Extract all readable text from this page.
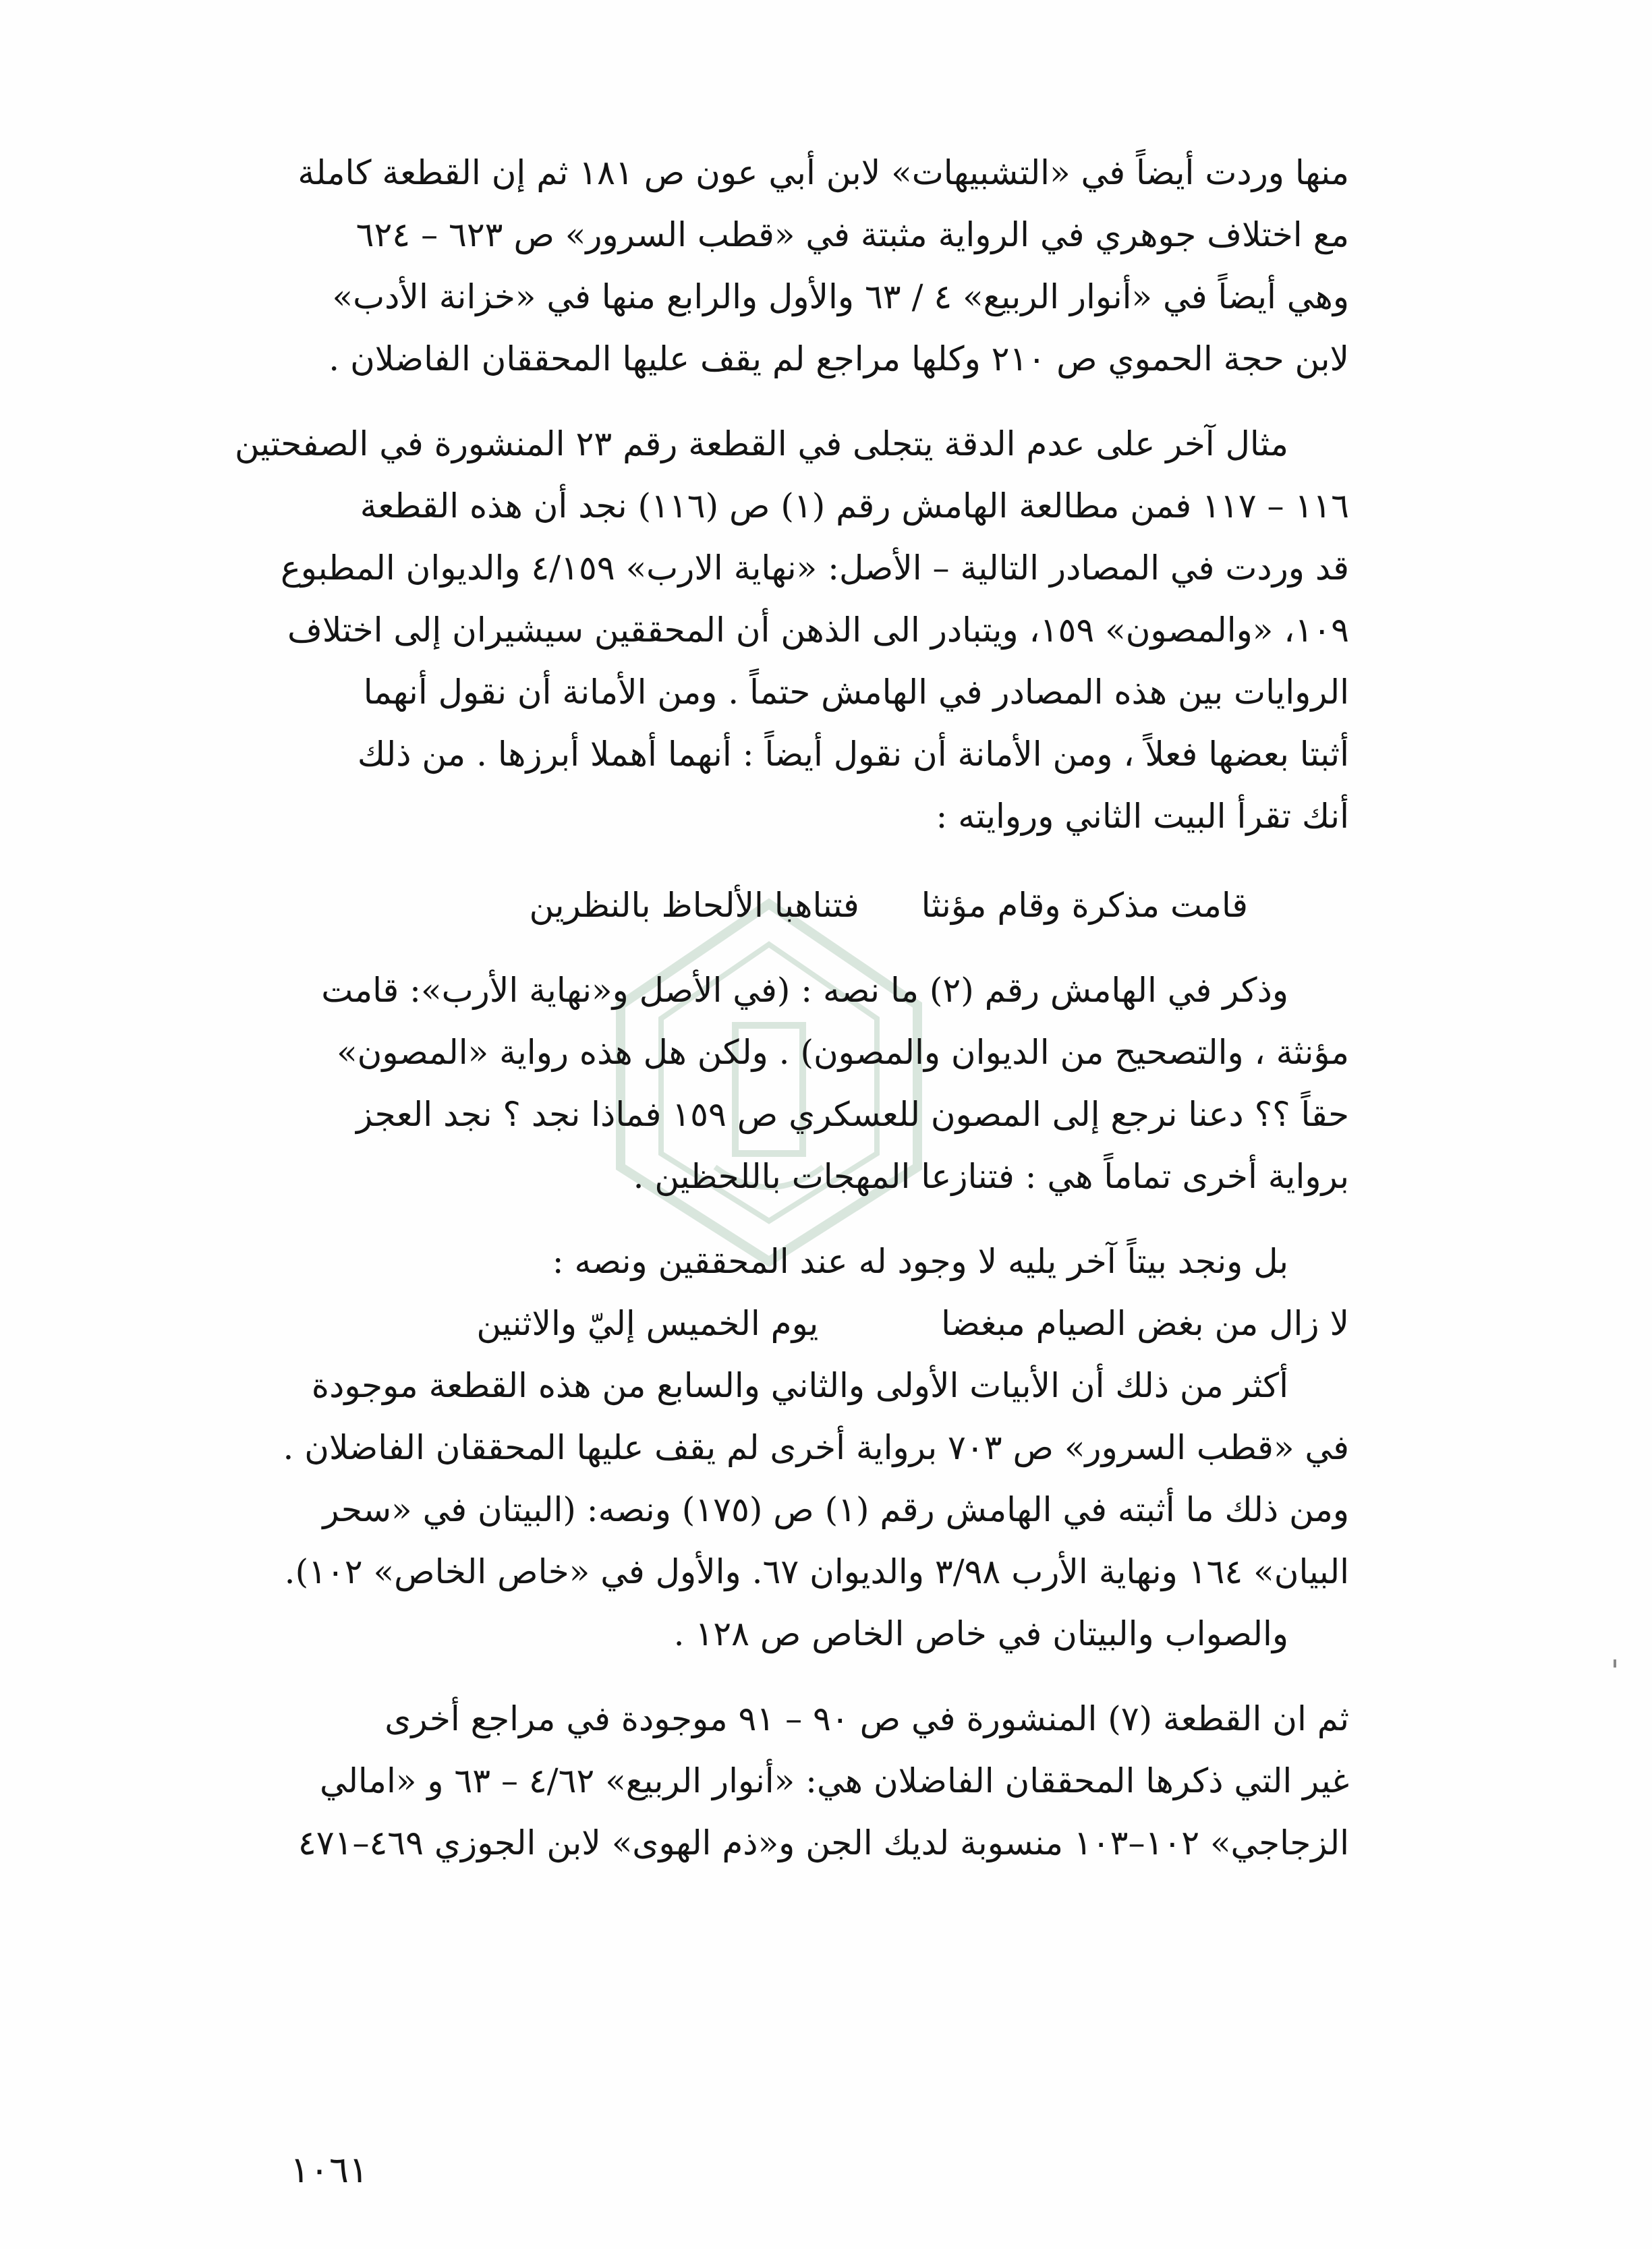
منها وردت أيضاً في «التشبيهات» لابن أبي عون ص ١٨١ ثم إن القطعة كاملة
مع اختلاف جوهري في الرواية مثبتة في «قطب السرور» ص ٦٢٣ – ٦٢٤
وهي أيضاً في «أنوار الربيع» ٤ / ٦٣ والأول والرابع منها في «خزانة الأدب»
لابن حجة الحموي ص ٢١٠ وكلها مراجع لم يقف عليها المحققان الفاضلان .
مثال آخر على عدم الدقة يتجلى في القطعة رقم ٢٣ المنشورة في الصفحتين
١١٦ – ١١٧ فمن مطالعة الهامش رقم (١) ص (١١٦) نجد أن هذه القطعة
قد وردت في المصادر التالية – الأصل: «نهاية الارب» ٤/١٥٩ والديوان المطبوع
١٠٩، «والمصون» ١٥٩، ويتبادر الى الذهن أن المحققين سيشيران إلى اختلاف
الروايات بين هذه المصادر في الهامش حتماً . ومن الأمانة أن نقول أنهما
أثبتا بعضها فعلاً ، ومن الأمانة أن نقول أيضاً : أنهما أهملا أبرزها . من ذلك
أنك تقرأ البيت الثاني وروايته :
قامت مذكرة وقام مؤنثا  فتناهبا الألحاظ بالنظرين
وذكر في الهامش رقم (٢) ما نصه : (في الأصل و«نهاية الأرب»: قامت
مؤنثة ، والتصحيح من الديوان والمصون) . ولكن هل هذه رواية «المصون»
حقاً ؟؟ دعنا نرجع إلى المصون للعسكري ص ١٥٩ فماذا نجد ؟ نجد العجز
برواية أخرى تماماً هي : فتنازعا المهجات باللحظين .
بل ونجد بيتاً آخر يليه لا وجود له عند المحققين ونصه :
لا زال من بغض الصيام مبغضا  يوم الخميس إليّ والاثنين
أكثر من ذلك أن الأبيات الأولى والثاني والسابع من هذه القطعة موجودة
في «قطب السرور» ص ٧٠٣ برواية أخرى لم يقف عليها المحققان الفاضلان .
ومن ذلك ما أثبته في الهامش رقم (١) ص (١٧٥) ونصه: (البيتان في «سحر
البيان» ١٦٤ ونهاية الأرب ٣/٩٨ والديوان ٦٧. والأول في «خاص الخاص» ١٠٢).
والصواب والبيتان في خاص الخاص ص ١٢٨ .
ثم ان القطعة (٧) المنشورة في ص ٩٠ – ٩١ موجودة في مراجع أخرى
غير التي ذكرها المحققان الفاضلان هي: «أنوار الربيع» ٤/٦٢ – ٦٣ و «امالي
الزجاجي» ١٠٢–١٠٣ منسوبة لديك الجن و«ذم الهوى» لابن الجوزي ٤٦٩–٤٧١
١٠٦١
